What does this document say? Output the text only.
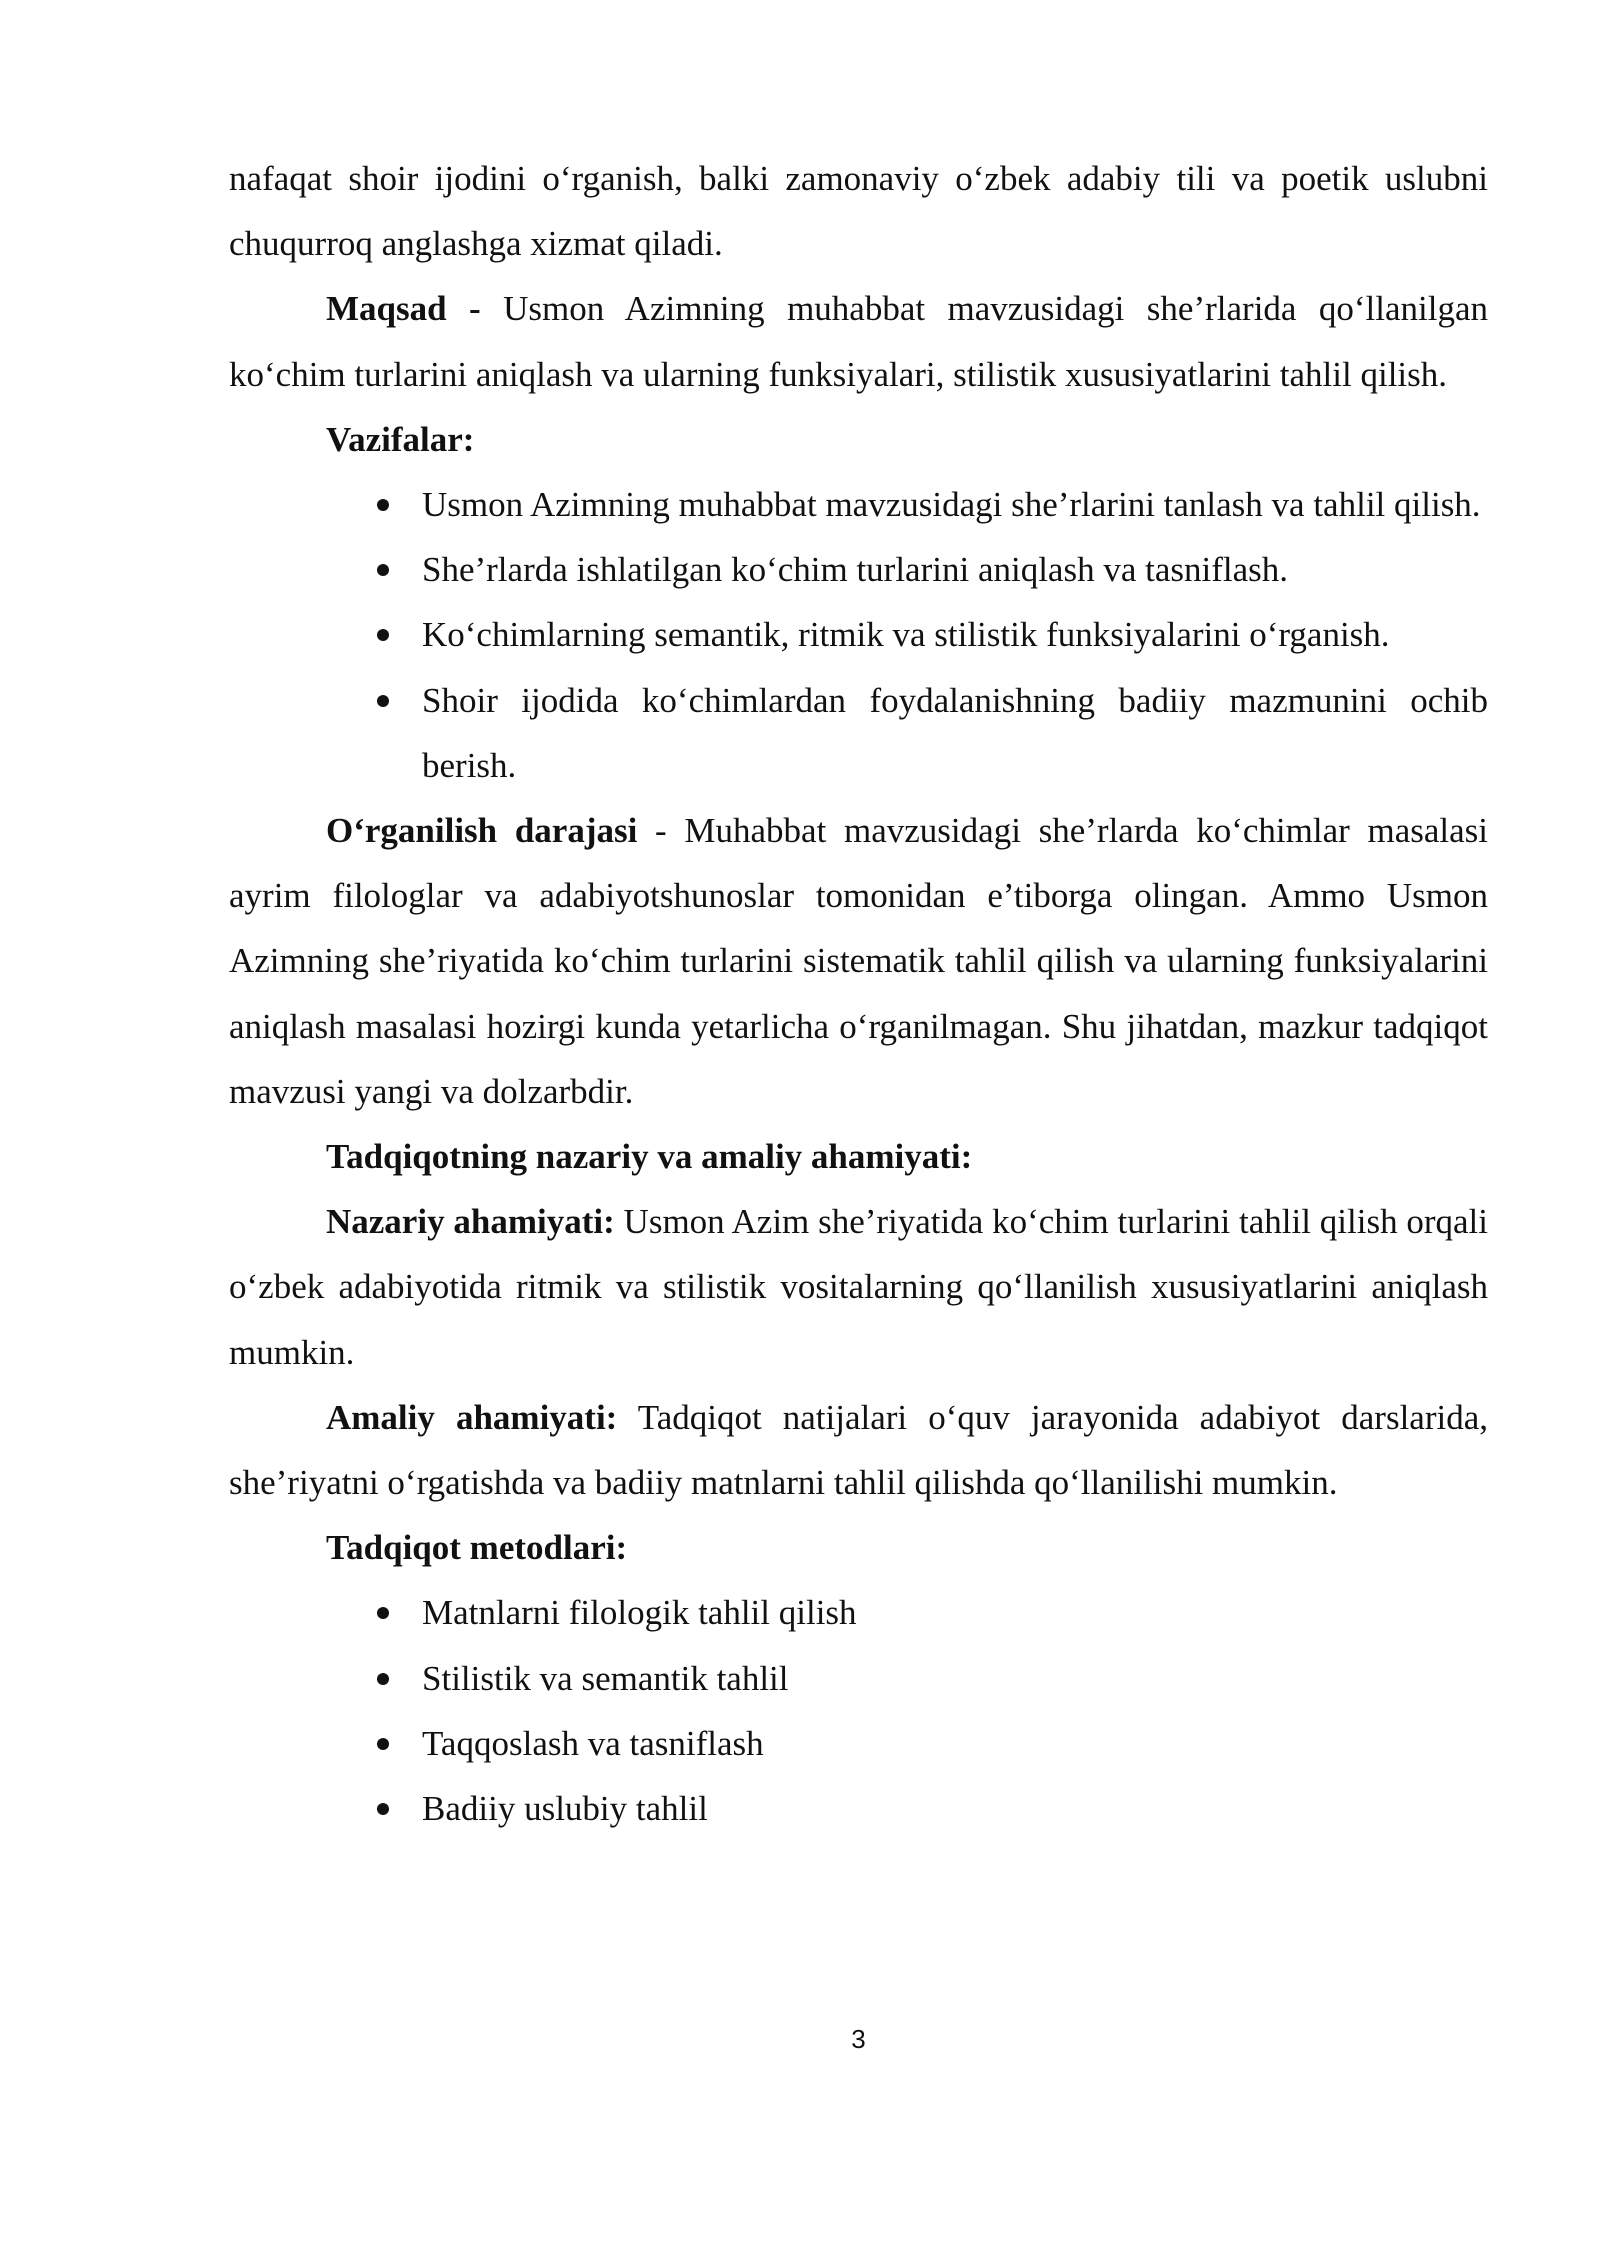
nafaqat shoir ijodini oʻrganish, balki zamonaviy oʻzbek adabiy tili va poetik uslubni chuqurroq anglashga xizmat qiladi.

Maqsad - Usmon Azimning muhabbat mavzusidagi she’rlarida qoʻllanilgan koʻchim turlarini aniqlash va ularning funksiyalari, stilistik xususiyatlarini tahlil qilish.

Vazifalar:

Usmon Azimning muhabbat mavzusidagi she’rlarini tanlash va tahlil qilish.
She’rlarda ishlatilgan koʻchim turlarini aniqlash va tasniflash.
Koʻchimlarning semantik, ritmik va stilistik funksiyalarini oʻrganish.
Shoir ijodida koʻchimlardan foydalanishning badiiy mazmunini ochib berish.

Oʻrganilish darajasi - Muhabbat mavzusidagi she’rlarda koʻchimlar masalasi ayrim filologlar va adabiyotshunoslar tomonidan e’tiborga olingan. Ammo Usmon Azimning she’riyatida koʻchim turlarini sistematik tahlil qilish va ularning funksiyalarini aniqlash masalasi hozirgi kunda yetarlicha oʻrganilmagan. Shu jihatdan, mazkur tadqiqot mavzusi yangi va dolzarbdir.

Tadqiqotning nazariy va amaliy ahamiyati:

Nazariy ahamiyati: Usmon Azim she’riyatida koʻchim turlarini tahlil qilish orqali oʻzbek adabiyotida ritmik va stilistik vositalarning qoʻllanilish xususiyatlarini aniqlash mumkin.

Amaliy ahamiyati: Tadqiqot natijalari oʻquv jarayonida adabiyot darslarida, she’riyatni oʻrgatishda va badiiy matnlarni tahlil qilishda qoʻllanilishi mumkin.

Tadqiqot metodlari:

Matnlarni filologik tahlil qilish
Stilistik va semantik tahlil
Taqqoslash va tasniflash
Badiiy uslubiy tahlil
3
